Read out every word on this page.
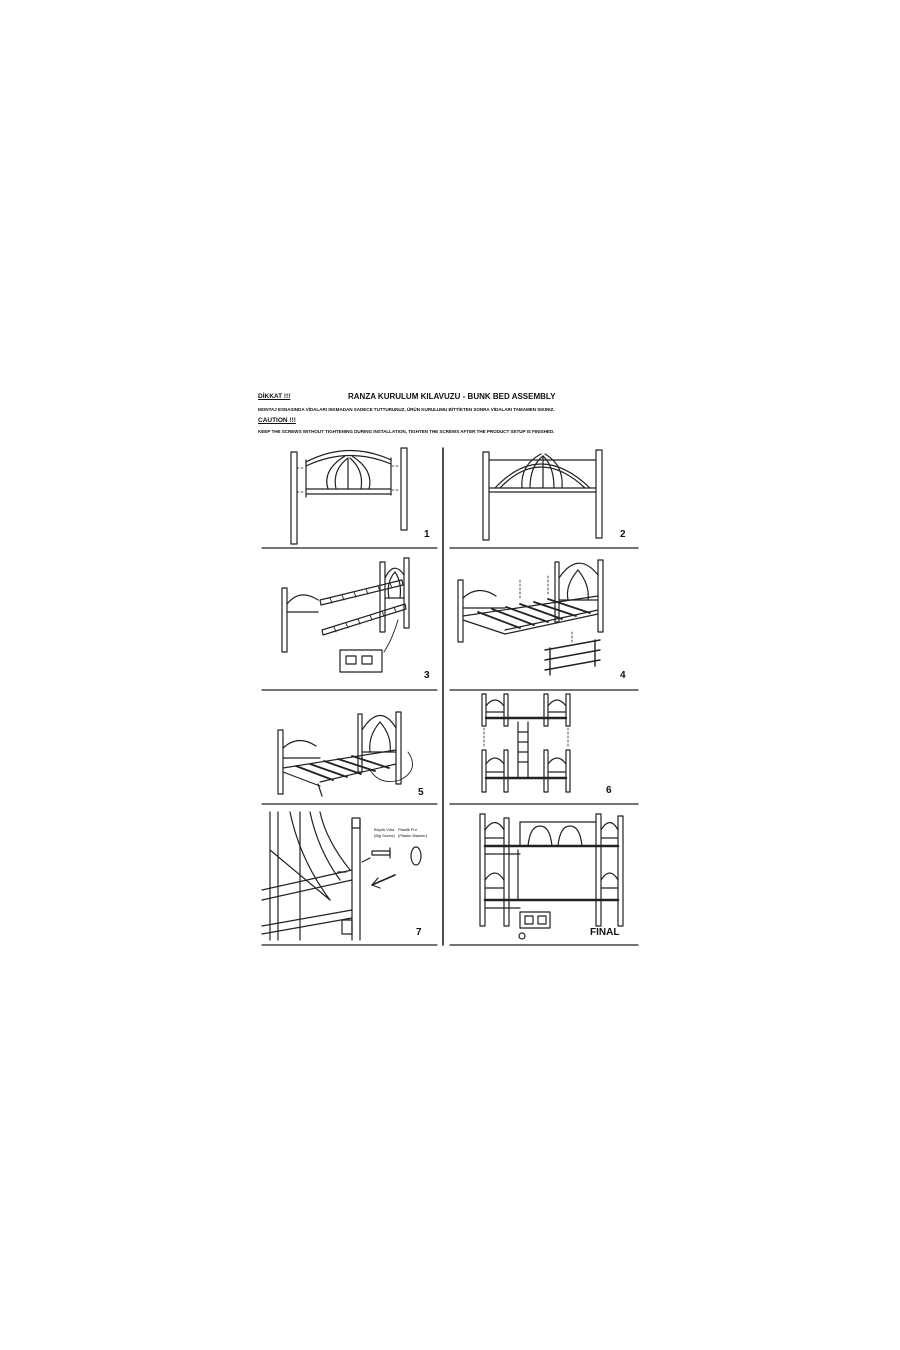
DİKKAT !!!	RANZA KURULUM KILAVUZU - BUNK BED ASSEMBLY
MONTAJ ESNASINDA VİDALARI SIKMADAN SADECE TUTTURUNUZ, ÜRÜN KURULUMU BİTTİKTEN SONRA VİDALARI TAMAMEN SIKINIZ.
CAUTION !!!
KEEP THE SCREWS WITHOUT TIGHTENING DURING INSTALLATION, TIGHTEN THE SCREWS AFTER THE PRODUCT SETUP IS FINISHED.
1	2
3	4
5	6
7	FINAL
Büyük Vida
(Big Screw)
Plastik Pul
(Plastic Washer)
